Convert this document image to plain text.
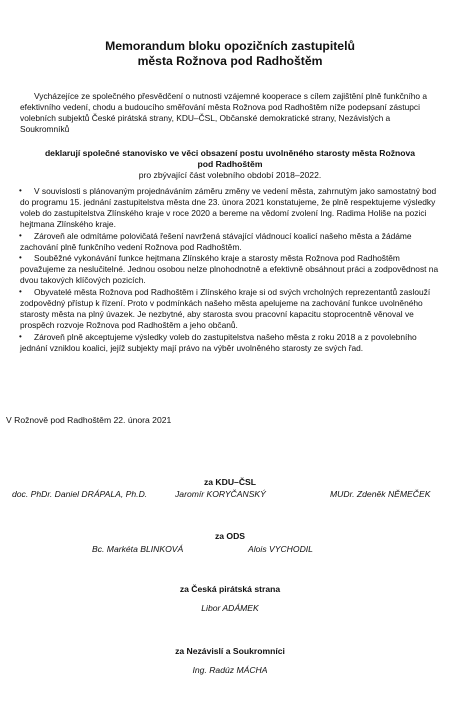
Memorandum bloku opozičních zastupitelů
města Rožnova pod Radhoštěm

Vycházejíce ze společného přesvědčení o nutnosti vzájemné kooperace s cílem zajištění plně funkčního a efektivního vedení, chodu a budoucího směřování města Rožnova pod Radhoštěm níže podepsaní zástupci volebních subjektů České pirátská strany, KDU–ČSL, Občanské demokratické strany, Nezávislých a Soukromníků

deklarují společné stanovisko ve věci obsazení postu uvolněného starosty města Rožnova pod Radhoštěm
pro zbývající část volebního období 2018–2022.
•	V souvislosti s plánovaným projednáváním záměru změny ve vedení města, zahrnutým jako samostatný bod do programu 15. jednání zastupitelstva města dne 23. února 2021 konstatujeme, že plně respektujeme výsledky voleb do zastupitelstva Zlínského kraje v roce 2020 a bereme na vědomí zvolení Ing. Radima Holiše na pozici hejtmana Zlínského kraje.
•	Zároveň ale odmítáme polovičatá řešení navržená stávající vládnoucí koalicí našeho města a žádáme zachování plně funkčního vedení Rožnova pod Radhoštěm.
•	Souběžné vykonávání funkce hejtmana Zlínského kraje a starosty města Rožnova pod Radhoštěm považujeme za neslučitelné. Jednou osobou nelze plnohodnotně a efektivně obsáhnout práci a zodpovědnost na dvou takových klíčových pozicích.
•	Obyvatelé města Rožnova pod Radhoštěm i Zlínského kraje si od svých vrcholných reprezentantů zaslouží zodpovědný přístup k řízení. Proto v podmínkách našeho města apelujeme na zachování funkce uvolněného starosty města na plný úvazek. Je nezbytné, aby starosta svou pracovní kapacitu stoprocentně věnoval ve prospěch rozvoje Rožnova pod Radhoštěm a jeho občanů.
•	Zároveň plně akceptujeme výsledky voleb do zastupitelstva našeho města z roku 2018 a z povolebního jednání vzniklou koalici, jejíž subjekty mají právo na výběr uvolněného starosty ze svých řad.
V Rožnově pod Radhoštěm 22. února 2021
za KDU–ČSL
doc. PhDr. Daniel DRÁPALA, Ph.D.	Jaromír KORYČANSKÝ	MUDr. Zdeněk NĚMEČEK
za ODS
Bc. Markéta BLINKOVÁ	Alois VYCHODIL
za Česká pirátská strana
Libor ADÁMEK
za Nezávislí a Soukromníci
Ing. Radúz MÁCHA
